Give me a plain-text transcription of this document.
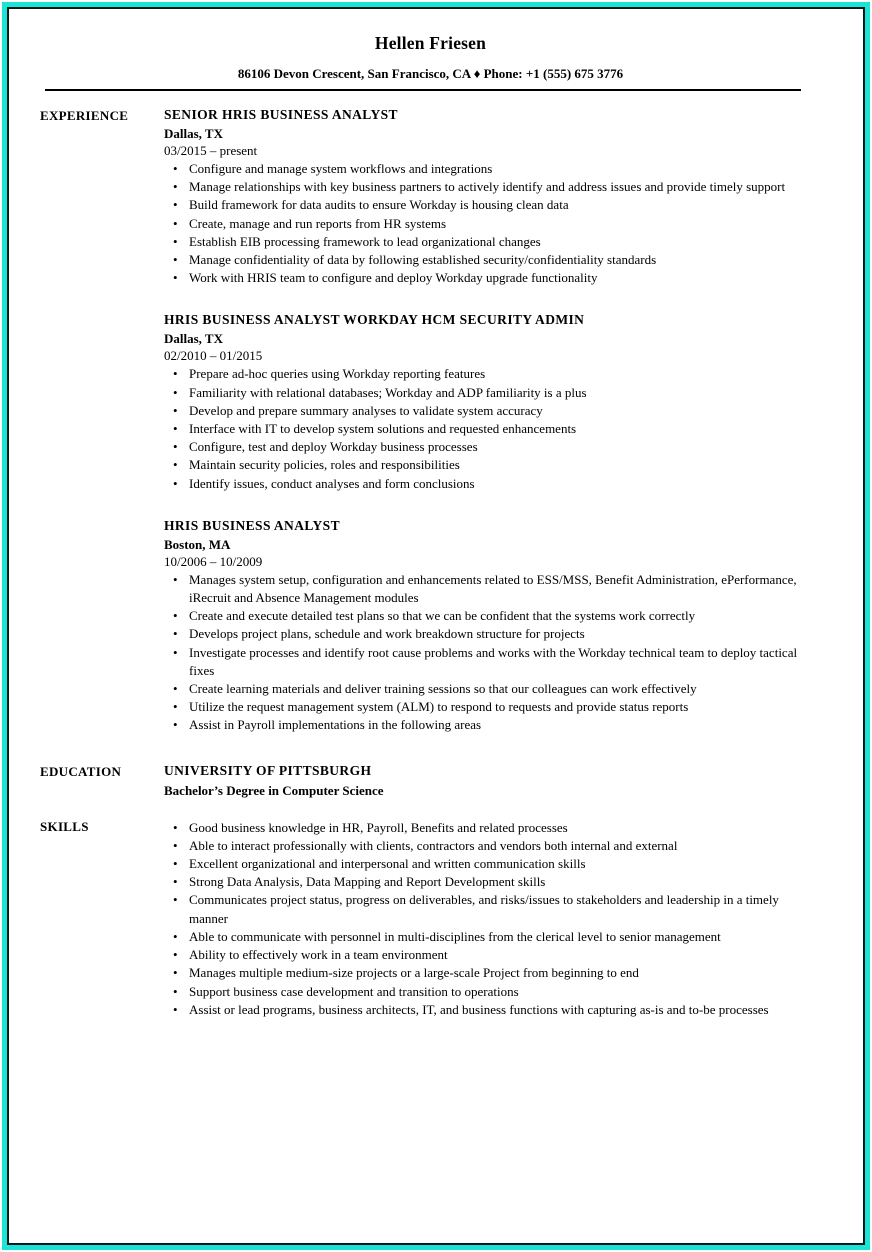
Hellen Friesen
86106 Devon Crescent, San Francisco, CA ♦ Phone: +1 (555) 675 3776
EXPERIENCE	SENIOR HRIS BUSINESS ANALYST
Dallas, TX
03/2015 – present
• Configure and manage system workflows and integrations
• Manage relationships with key business partners to actively identify and address issues and provide timely support
• Build framework for data audits to ensure Workday is housing clean data
• Create, manage and run reports from HR systems
• Establish EIB processing framework to lead organizational changes
• Manage confidentiality of data by following established security/confidentiality standards
• Work with HRIS team to configure and deploy Workday upgrade functionality
HRIS BUSINESS ANALYST WORKDAY HCM SECURITY ADMIN
Dallas, TX
02/2010 – 01/2015
• Prepare ad-hoc queries using Workday reporting features
• Familiarity with relational databases; Workday and ADP familiarity is a plus
• Develop and prepare summary analyses to validate system accuracy
• Interface with IT to develop system solutions and requested enhancements
• Configure, test and deploy Workday business processes
• Maintain security policies, roles and responsibilities
• Identify issues, conduct analyses and form conclusions
HRIS BUSINESS ANALYST
Boston, MA
10/2006 – 10/2009
• Manages system setup, configuration and enhancements related to ESS/MSS, Benefit Administration, ePerformance, iRecruit and Absence Management modules
• Create and execute detailed test plans so that we can be confident that the systems work correctly
• Develops project plans, schedule and work breakdown structure for projects
• Investigate processes and identify root cause problems and works with the Workday technical team to deploy tactical fixes
• Create learning materials and deliver training sessions so that our colleagues can work effectively
• Utilize the request management system (ALM) to respond to requests and provide status reports
• Assist in Payroll implementations in the following areas
EDUCATION	UNIVERSITY OF PITTSBURGH
Bachelor’s Degree in Computer Science
SKILLS	• Good business knowledge in HR, Payroll, Benefits and related processes
• Able to interact professionally with clients, contractors and vendors both internal and external
• Excellent organizational and interpersonal and written communication skills
• Strong Data Analysis, Data Mapping and Report Development skills
• Communicates project status, progress on deliverables, and risks/issues to stakeholders and leadership in a timely manner
• Able to communicate with personnel in multi-disciplines from the clerical level to senior management
• Ability to effectively work in a team environment
• Manages multiple medium-size projects or a large-scale Project from beginning to end
• Support business case development and transition to operations
• Assist or lead programs, business architects, IT, and business functions with capturing as-is and to-be processes
